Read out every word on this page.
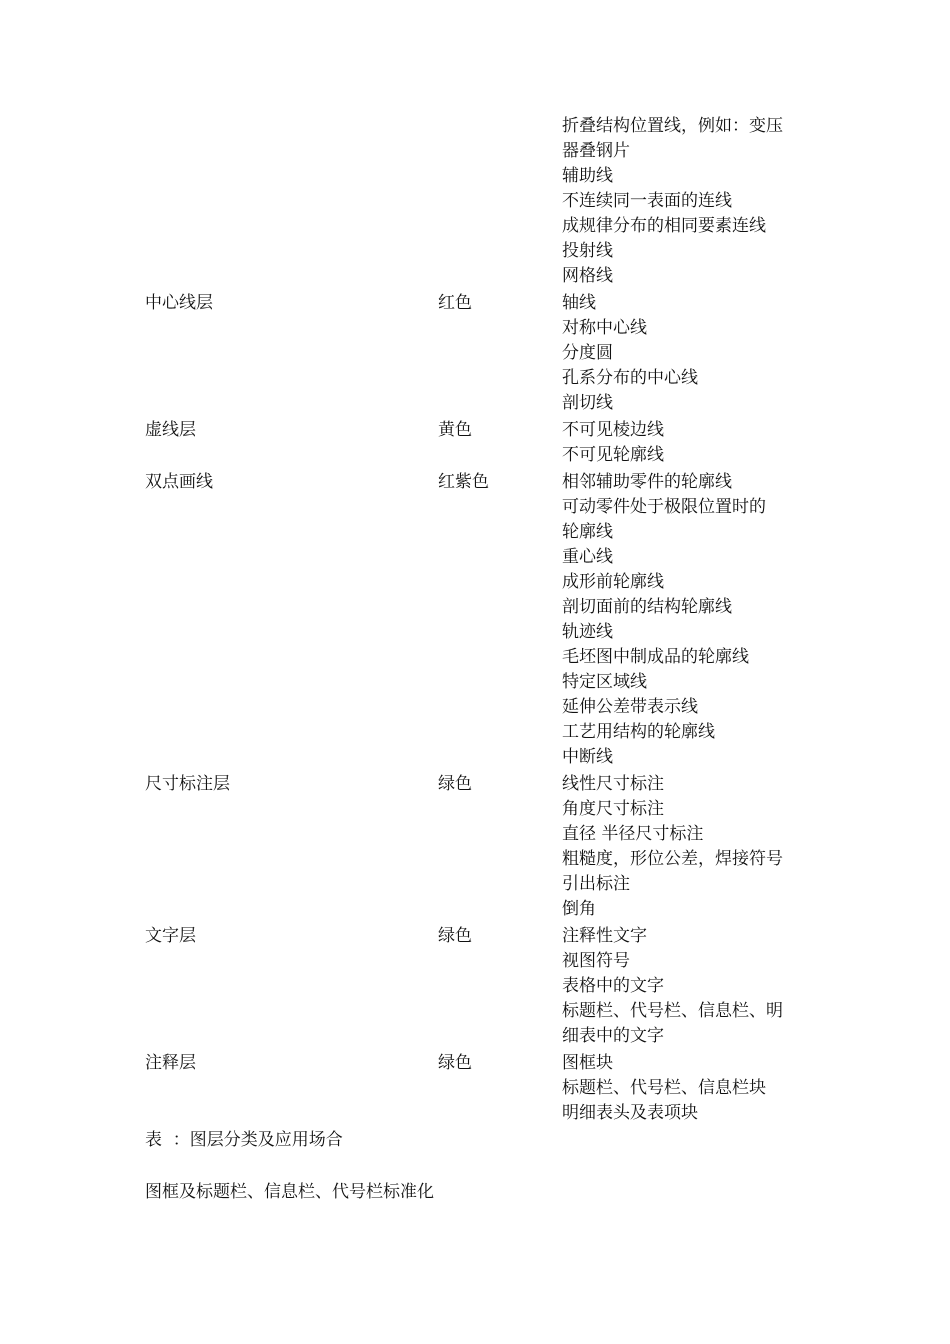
折叠结构位置线，例如：变压
器叠钢片
辅助线
不连续同一表面的连线
成规律分布的相同要素连线
投射线
网格线
中心线层	红色	轴线
对称中心线
分度圆
孔系分布的中心线
剖切线
虚线层	黄色	不可见棱边线
不可见轮廓线
双点画线	红紫色	相邻辅助零件的轮廓线
可动零件处于极限位置时的
轮廓线
重心线
成形前轮廓线
剖切面前的结构轮廓线
轨迹线
毛坯图中制成品的轮廓线
特定区域线
延伸公差带表示线
工艺用结构的轮廓线
中断线
尺寸标注层	绿色	线性尺寸标注
角度尺寸标注
直径 半径尺寸标注
粗糙度，形位公差，焊接符号
引出标注
倒角
文字层	绿色	注释性文字
视图符号
表格中的文字
标题栏、代号栏、信息栏、明
细表中的文字
注释层	绿色	图框块
标题栏、代号栏、信息栏块
明细表头及表项块
表  ：图层分类及应用场合
图框及标题栏、信息栏、代号栏标准化
